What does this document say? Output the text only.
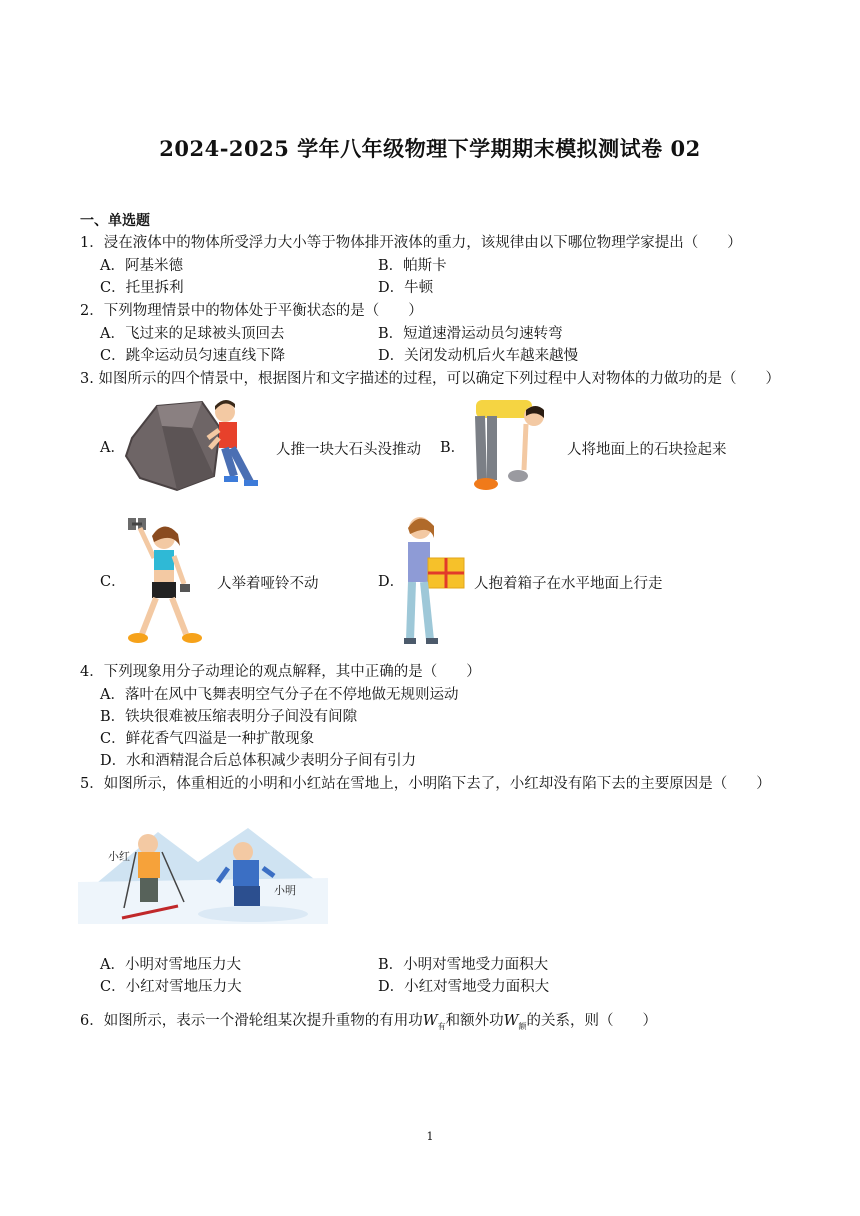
2024-2025 学年八年级物理下学期期末模拟测试卷 02
一、单选题
1．浸在液体中的物体所受浮力大小等于物体排开液体的重力，该规律由以下哪位物理学家提出（　　）
A．阿基米德	B．帕斯卡
C．托里拆利	D．牛顿
2．下列物理情景中的物体处于平衡状态的是（　　）
A．飞过来的足球被头顶回去	B．短道速滑运动员匀速转弯
C．跳伞运动员匀速直线下降	D．关闭发动机后火车越来越慢
3. 如图所示的四个情景中，根据图片和文字描述的过程，可以确定下列过程中人对物体的力做功的是（　　）
A．	人推一块大石头没推动 B．	人将地面上的石块捡起来
C．	人举着哑铃不动	D．	人抱着箱子在水平地面上行走
4．下列现象用分子动理论的观点解释，其中正确的是（　　）
A．落叶在风中飞舞表明空气分子在不停地做无规则运动
B．铁块很难被压缩表明分子间没有间隙
C．鲜花香气四溢是一种扩散现象
D．水和酒精混合后总体积减少表明分子间有引力
5．如图所示，体重相近的小明和小红站在雪地上，小明陷下去了，小红却没有陷下去的主要原因是（　　）
小红
小明
A．小明对雪地压力大	B．小明对雪地受力面积大
C．小红对雪地压力大	D．小红对雪地受力面积大
6．如图所示，表示一个滑轮组某次提升重物的有用功$W_有$和额外功$W_额$的关系，则（　　）
1
